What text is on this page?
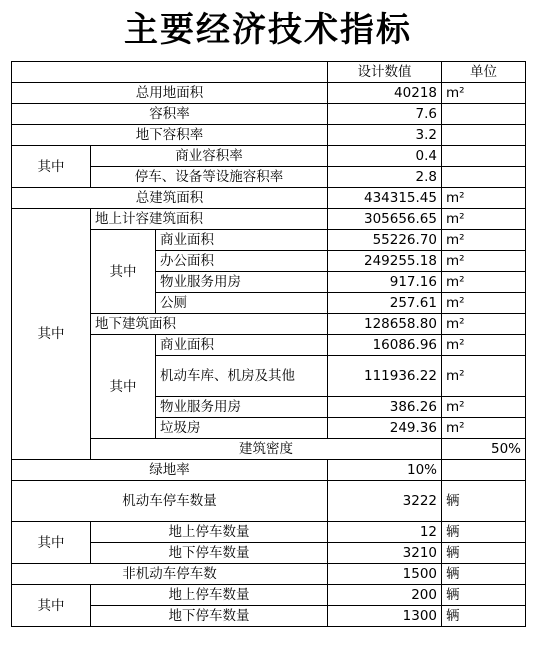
主要经济技术指标
			设计数值	单位	
总用地面积			40218	m²	
容积率			7.6		
地下容积率			3.2		
其中	商业容积率		0.4		
	停车、设备等设施容积率		2.8		
总建筑面积			434315.45	m²	
其中	地上计容建筑面积		305656.65	m²	
	其中	商业面积	55226.70	m²	
		办公面积	249255.18	m²	
		物业服务用房	917.16	m²	
		公厕	257.61	m²	
	地下建筑面积		128658.80	m²	
	其中	商业面积	16086.96	m²	
		机动车库、机房及其他	111936.22	m²	
		物业服务用房	386.26	m²	
		垃圾房	249.36	m²	
	建筑密度			50%	
绿地率			10%		
机动车停车数量			3222	辆	
其中	地上停车数量		12	辆	
	地下停车数量		3210	辆	
非机动车停车数			1500	辆	
其中	地上停车数量		200	辆	
	地下停车数量		1300	辆	
